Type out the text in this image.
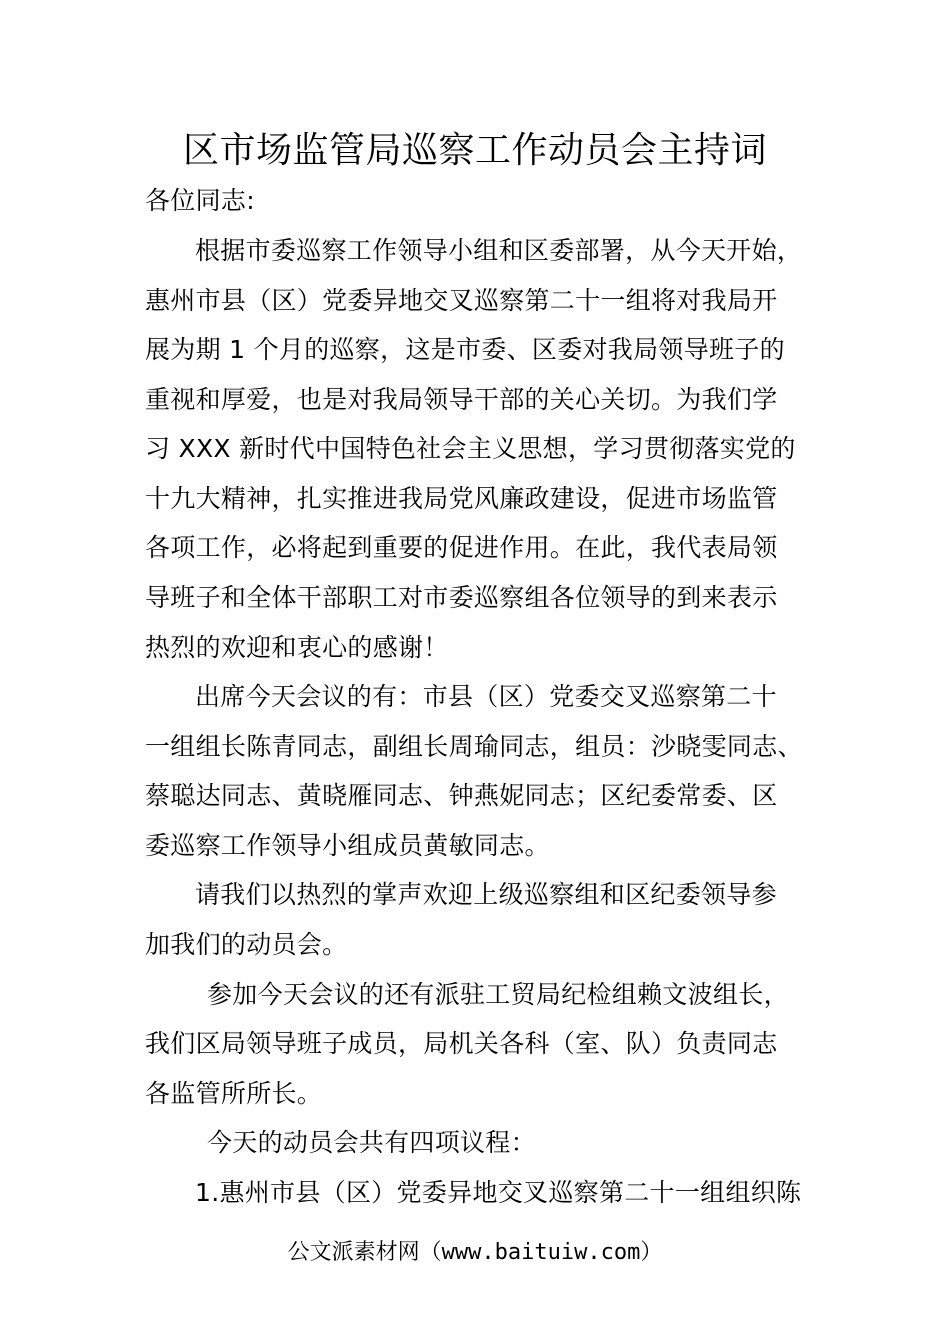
区市场监管局巡察工作动员会主持词
各位同志:
根据市委巡察工作领导小组和区委部署，从今天开始，
惠州市县（区）党委异地交叉巡察第二十一组将对我局开
展为期 1 个月的巡察，这是市委、区委对我局领导班子的
重视和厚爱，也是对我局领导干部的关心关切。为我们学
习 XXX 新时代中国特色社会主义思想，学习贯彻落实党的
十九大精神，扎实推进我局党风廉政建设，促进市场监管
各项工作，必将起到重要的促进作用。在此，我代表局领
导班子和全体干部职工对市委巡察组各位领导的到来表示
热烈的欢迎和衷心的感谢！
出席今天会议的有：市县（区）党委交叉巡察第二十
一组组长陈青同志，副组长周瑜同志，组员：沙晓雯同志、
蔡聪达同志、黄晓雁同志、钟燕妮同志；区纪委常委、区
委巡察工作领导小组成员黄敏同志。
请我们以热烈的掌声欢迎上级巡察组和区纪委领导参
加我们的动员会。
参加今天会议的还有派驻工贸局纪检组赖文波组长，
我们区局领导班子成员，局机关各科（室、队）负责同志
各监管所所长。
今天的动员会共有四项议程：
1.惠州市县（区）党委异地交叉巡察第二十一组组织陈
公文派素材网（www.baituiw.com）
